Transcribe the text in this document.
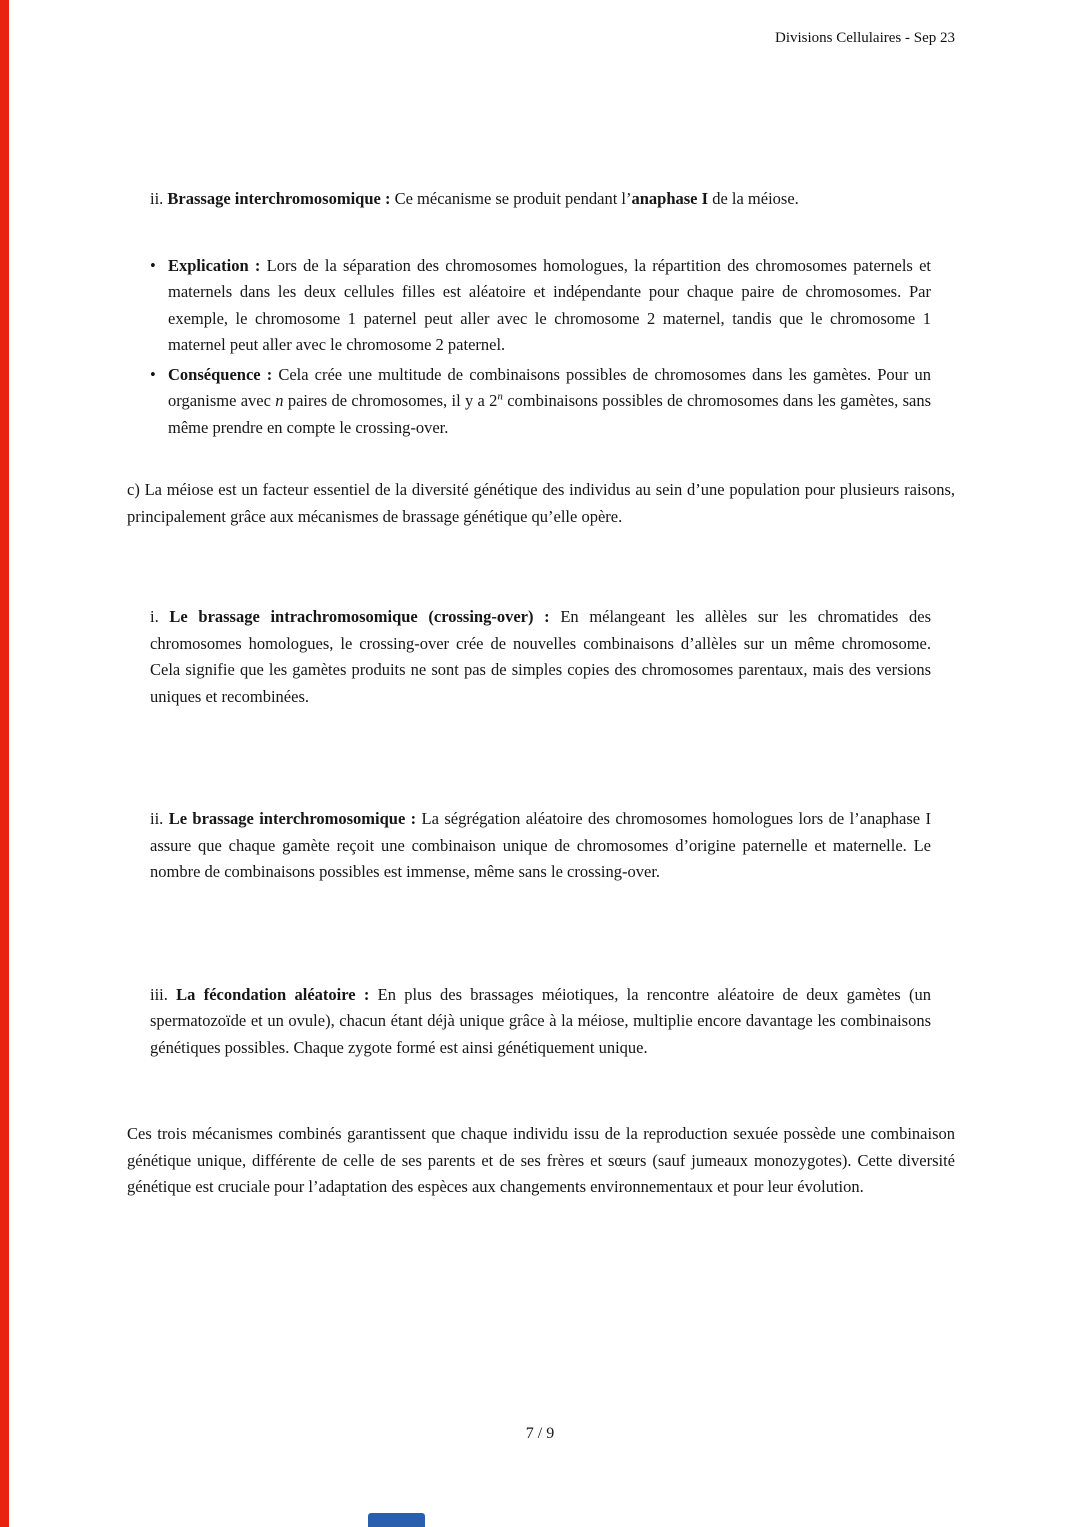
Divisions Cellulaires - Sep 23
ii. Brassage interchromosomique : Ce mécanisme se produit pendant l’anaphase I de la méiose.
• Explication : Lors de la séparation des chromosomes homologues, la répartition des chromosomes paternels et maternels dans les deux cellules filles est aléatoire et indépendante pour chaque paire de chromosomes. Par exemple, le chromosome 1 paternel peut aller avec le chromosome 2 maternel, tandis que le chromosome 1 maternel peut aller avec le chromosome 2 paternel.
• Conséquence : Cela crée une multitude de combinaisons possibles de chromosomes dans les gamètes. Pour un organisme avec n paires de chromosomes, il y a 2$^n$ combinaisons possibles de chromosomes dans les gamètes, sans même prendre en compte le crossing-over.
c) La méiose est un facteur essentiel de la diversité génétique des individus au sein d’une population pour plusieurs raisons, principalement grâce aux mécanismes de brassage génétique qu’elle opère.
i. Le brassage intrachromosomique (crossing-over) : En mélangeant les allèles sur les chromatides des chromosomes homologues, le crossing-over crée de nouvelles combinaisons d’allèles sur un même chromosome. Cela signifie que les gamètes produits ne sont pas de simples copies des chromosomes parentaux, mais des versions uniques et recombinées.
ii. Le brassage interchromosomique : La ségrégation aléatoire des chromosomes homologues lors de l’anaphase I assure que chaque gamète reçoit une combinaison unique de chromosomes d’origine paternelle et maternelle. Le nombre de combinaisons possibles est immense, même sans le crossing-over.
iii. La fécondation aléatoire : En plus des brassages méiotiques, la rencontre aléatoire de deux gamètes (un spermatozoïde et un ovule), chacun étant déjà unique grâce à la méiose, multiplie encore davantage les combinaisons génétiques possibles. Chaque zygote formé est ainsi génétiquement unique.
Ces trois mécanismes combinés garantissent que chaque individu issu de la reproduction sexuée possède une combinaison génétique unique, différente de celle de ses parents et de ses frères et sœurs (sauf jumeaux monozygotes). Cette diversité génétique est cruciale pour l’adaptation des espèces aux changements environnementaux et pour leur évolution.
7 / 9
